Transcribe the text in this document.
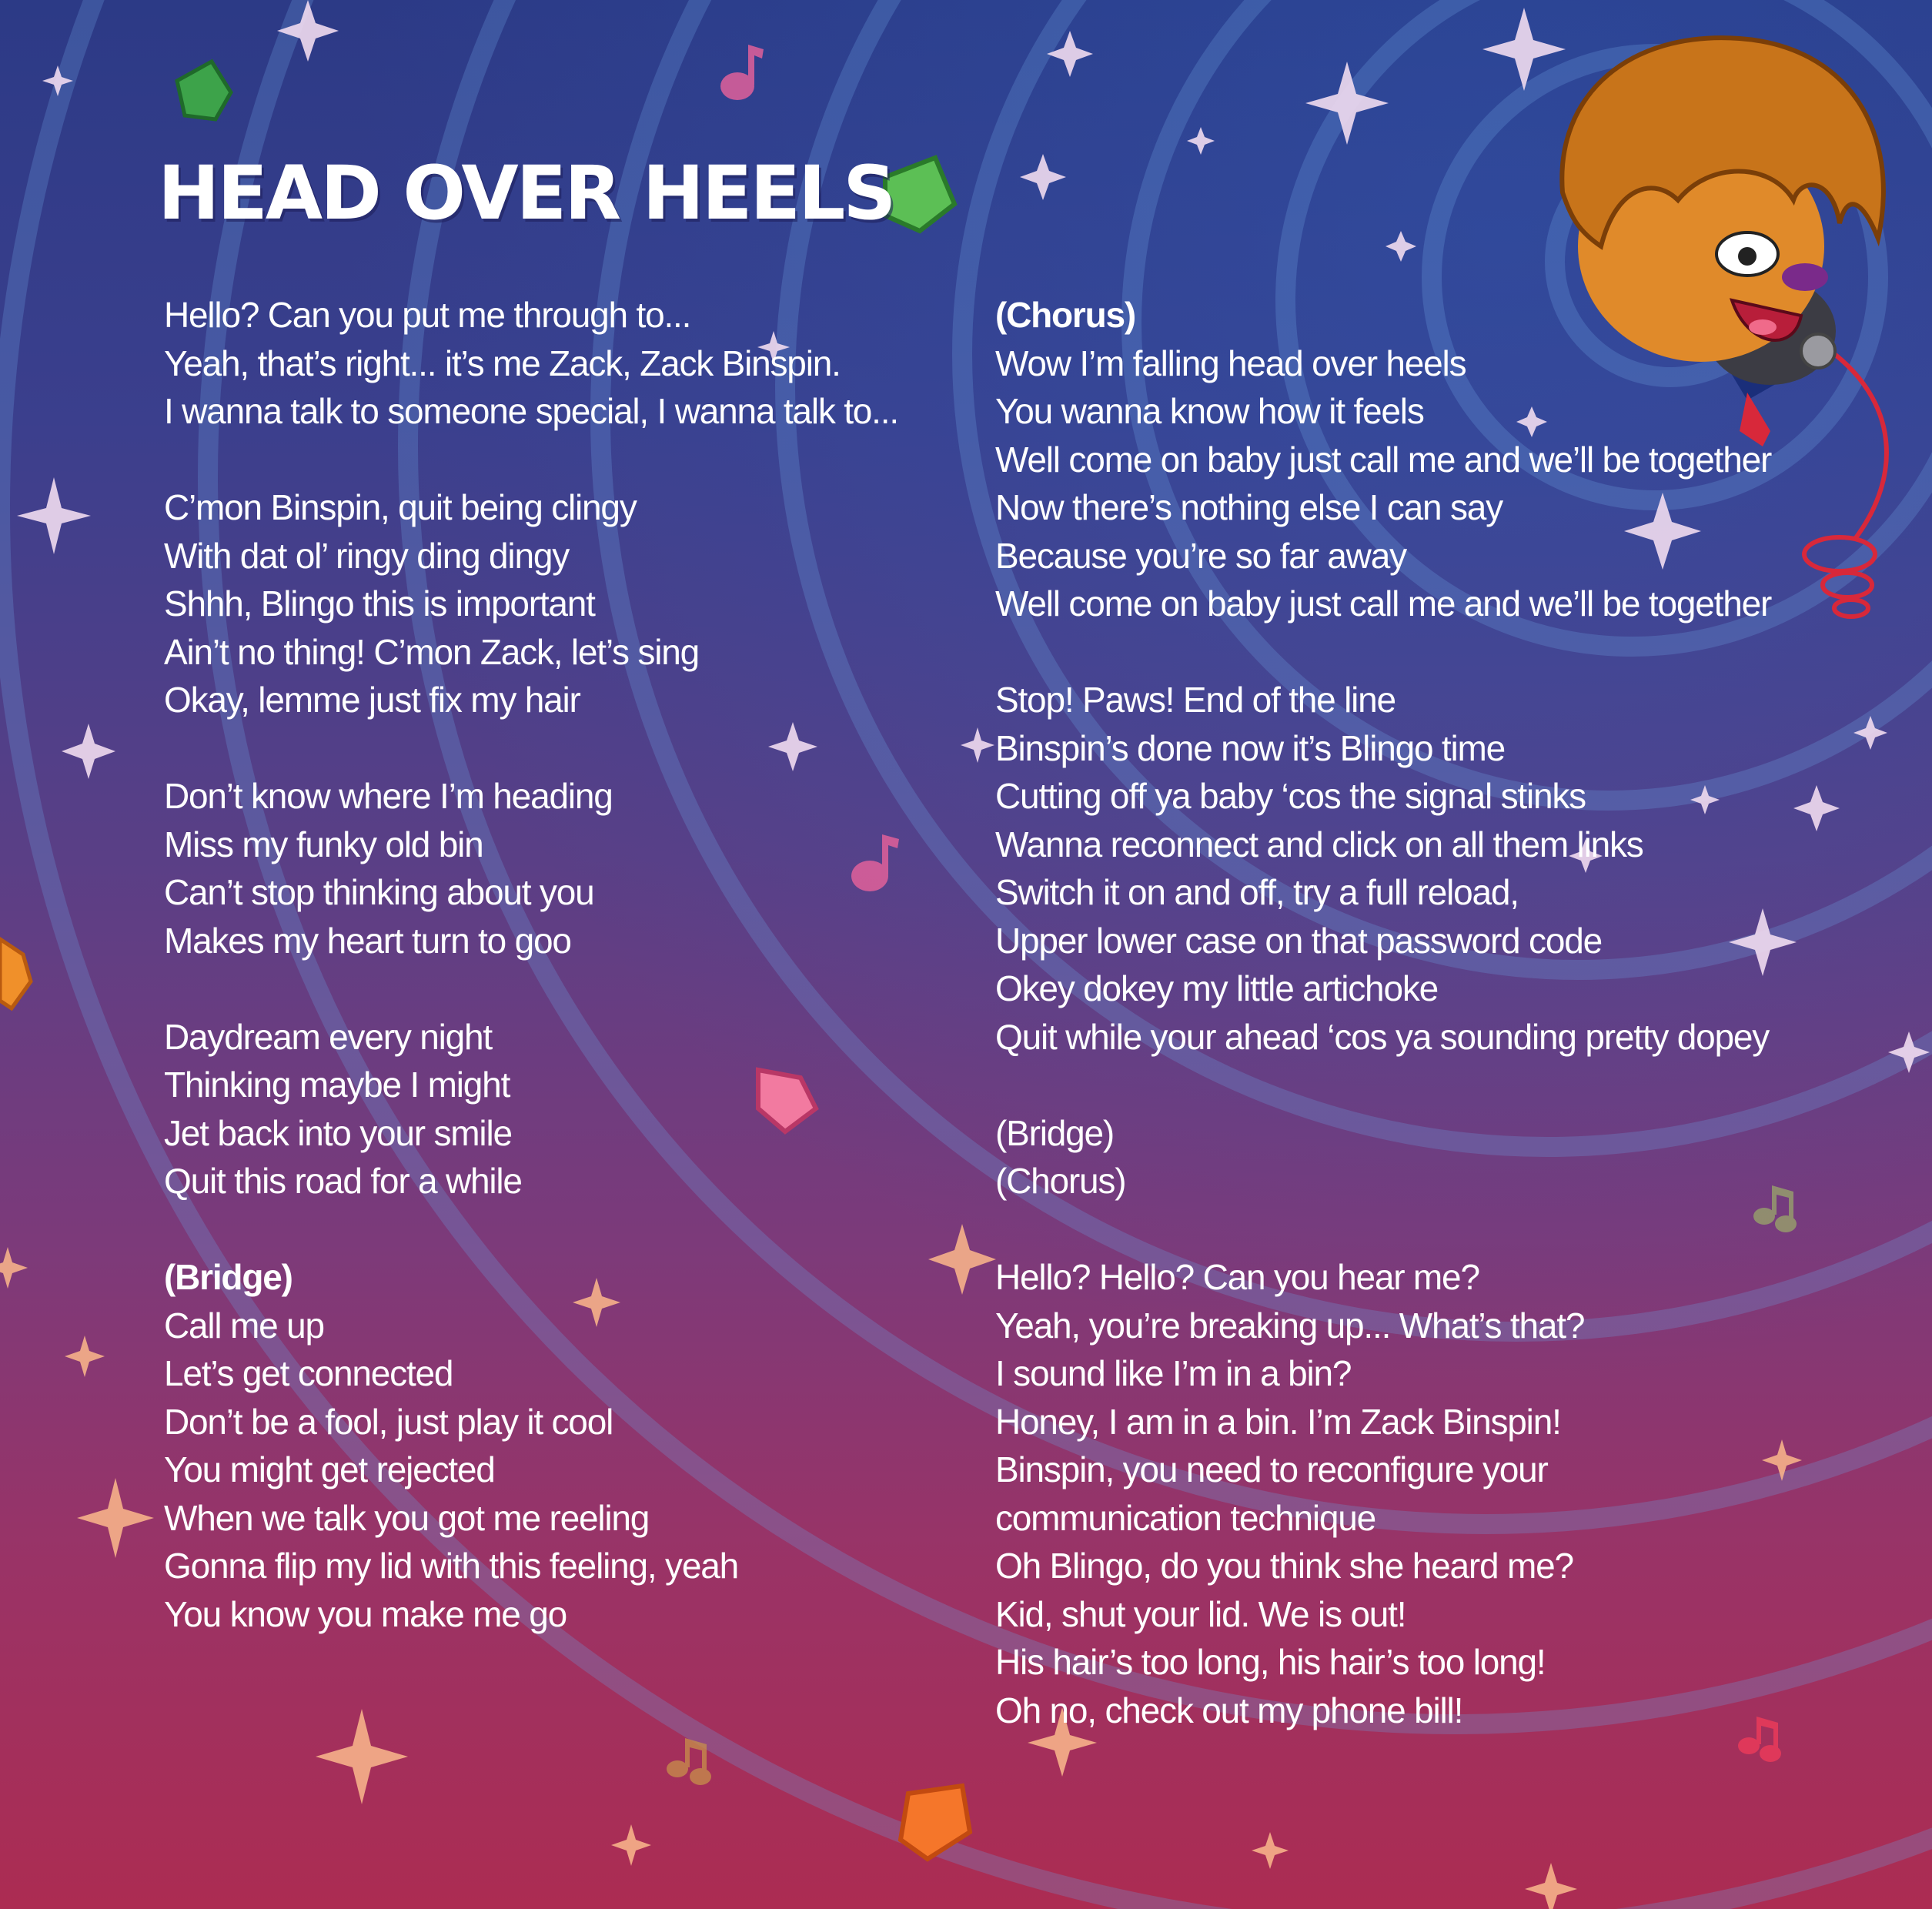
HEAD OVER HEELS
Hello? Can you put me through to...
Yeah, that’s right... it’s me Zack, Zack Binspin.
I wanna talk to someone special, I wanna talk to...
C’mon Binspin, quit being clingy
With dat ol’ ringy ding dingy
Shhh, Blingo this is important
Ain’t no thing! C’mon Zack, let’s sing
Okay, lemme just fix my hair
Don’t know where I’m heading
Miss my funky old bin
Can’t stop thinking about you
Makes my heart turn to goo
Daydream every night
Thinking maybe I might
Jet back into your smile
Quit this road for a while
(Bridge)
Call me up
Let’s get connected
Don’t be a fool, just play it cool
You might get rejected
When we talk you got me reeling
Gonna flip my lid with this feeling, yeah
You know you make me go
(Chorus)
Wow I’m falling head over heels
You wanna know how it feels
Well come on baby just call me and we’ll be together
Now there’s nothing else I can say
Because you’re so far away
Well come on baby just call me and we’ll be together
Stop! Paws! End of the line
Binspin’s done now it’s Blingo time
Cutting off ya baby ‘cos the signal stinks
Wanna reconnect and click on all them links
Switch it on and off, try a full reload,
Upper lower case on that password code
Okey dokey my little artichoke
Quit while your ahead ‘cos ya sounding pretty dopey
(Bridge)
(Chorus)
Hello? Hello? Can you hear me?
Yeah, you’re breaking up... What’s that?
I sound like I’m in a bin?
Honey, I am in a bin. I’m Zack Binspin!
Binspin, you need to reconfigure your
communication technique
Oh Blingo, do you think she heard me?
Kid, shut your lid. We is out!
His hair’s too long, his hair’s too long!
Oh no, check out my phone bill!
